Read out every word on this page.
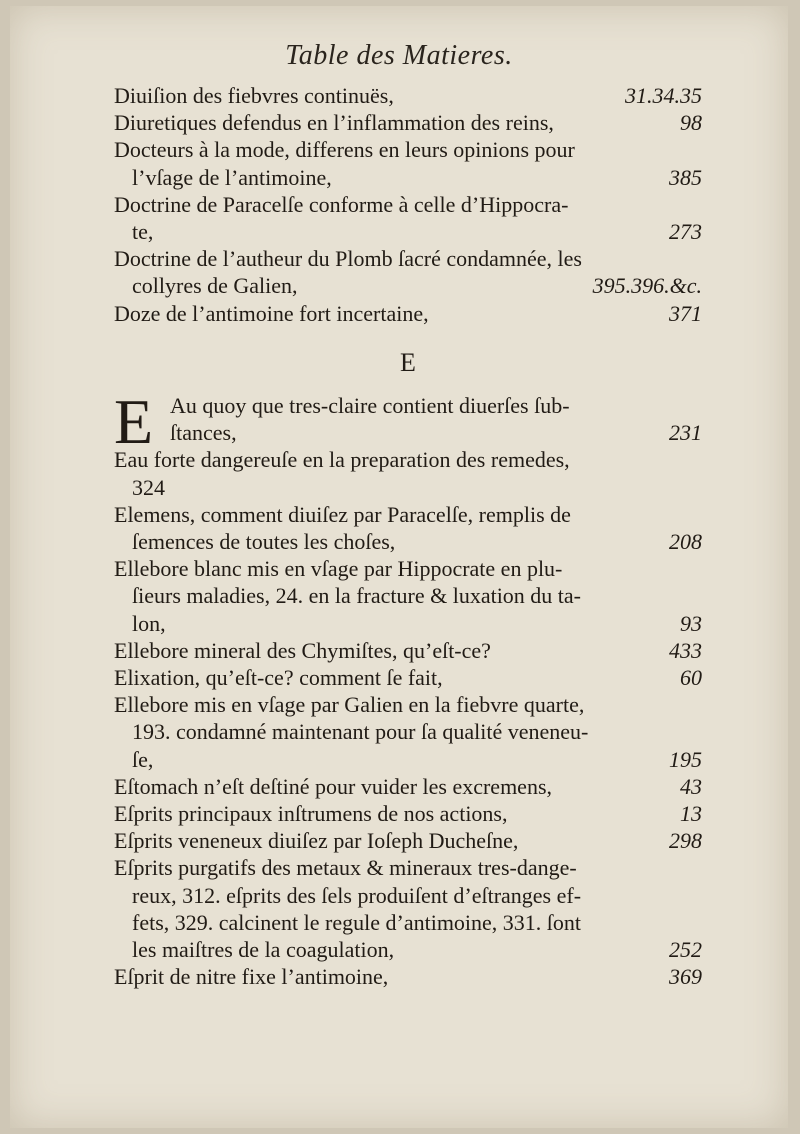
Table des Matieres.
Diuiſion des fiebvres continuës,	31.34.35
Diuretiques defendus en l’inflammation des reins,	98
Docteurs à la mode, differens en leurs opinions pour
l’vſage de l’antimoine,	385
Doctrine de Paracelſe conforme à celle d’Hippocra-
te,	273
Doctrine de l’autheur du Plomb ſacré condamnée, les
collyres de Galien,	395.396.&c.
Doze de l’antimoine fort incertaine,	371
E
E Au quoy que tres-claire contient diuerſes ſub-
ſtances,	231
Eau forte dangereuſe en la preparation des remedes,
324
Elemens, comment diuiſez par Paracelſe, remplis de
ſemences de toutes les choſes,	208
Ellebore blanc mis en vſage par Hippocrate en plu-
ſieurs maladies, 24. en la fracture & luxation du ta-
lon,	93
Ellebore mineral des Chymiſtes, qu’eſt-ce?	433
Elixation, qu’eſt-ce? comment ſe fait,	60
Ellebore mis en vſage par Galien en la fiebvre quarte,
193. condamné maintenant pour ſa qualité veneneu-
ſe,	195
Eſtomach n’eſt deſtiné pour vuider les excremens,	43
Eſprits principaux inſtrumens de nos actions,	13
Eſprits veneneux diuiſez par Ioſeph Ducheſne,	298
Eſprits purgatifs des metaux & mineraux tres-dange-
reux, 312. eſprits des ſels produiſent d’eſtranges ef-
fets, 329. calcinent le regule d’antimoine, 331. ſont
les maiſtres de la coagulation,	252
Eſprit de nitre fixe l’antimoine,	369
